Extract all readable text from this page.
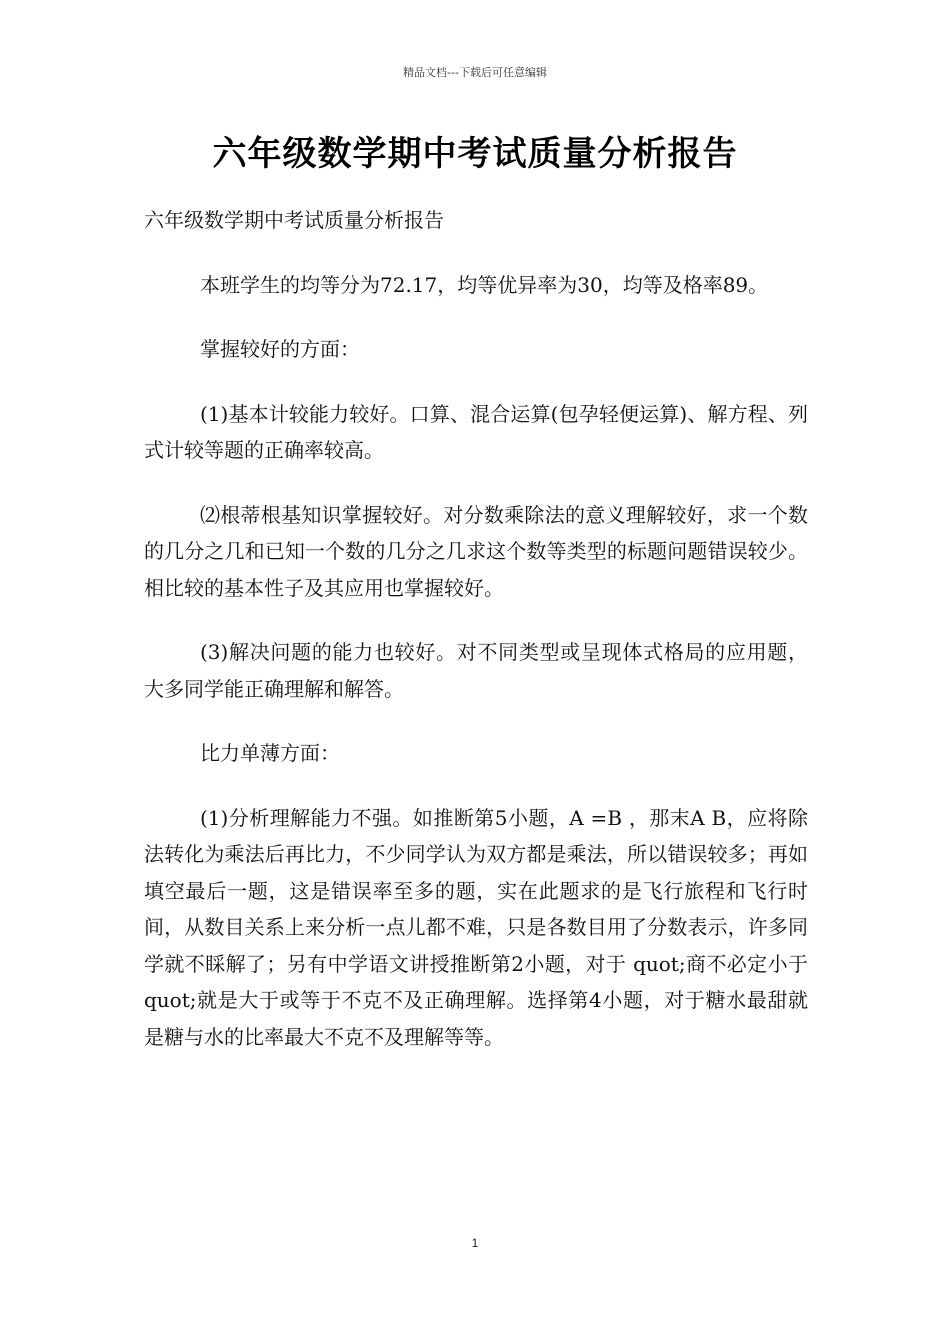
精品文档---下载后可任意编辑
六年级数学期中考试质量分析报告

六年级数学期中考试质量分析报告

本班学生的均等分为72.17，均等优异率为30，均等及格率89。

掌握较好的方面：

(1)基本计较能力较好。口算、混合运算(包孕轻便运算)、解方程、列式计较等题的正确率较高。

⑵根蒂根基知识掌握较好。对分数乘除法的意义理解较好，求一个数的几分之几和已知一个数的几分之几求这个数等类型的标题问题错误较少。相比较的基本性子及其应用也掌握较好。

(3)解决问题的能力也较好。对不同类型或呈现体式格局的应用题，大多同学能正确理解和解答。

比力单薄方面：

(1)分析理解能力不强。如推断第5小题，A =B ，那末A B，应将除法转化为乘法后再比力，不少同学认为双方都是乘法，所以错误较多；再如填空最后一题，这是错误率至多的题，实在此题求的是飞行旅程和飞行时间，从数目关系上来分析一点儿都不难，只是各数目用了分数表示，许多同学就不睬解了；另有中学语文讲授推断第2小题，对于 quot;商不必定小于 quot;就是大于或等于不克不及正确理解。选择第4小题，对于糖水最甜就是糖与水的比率最大不克不及理解等等。

1
